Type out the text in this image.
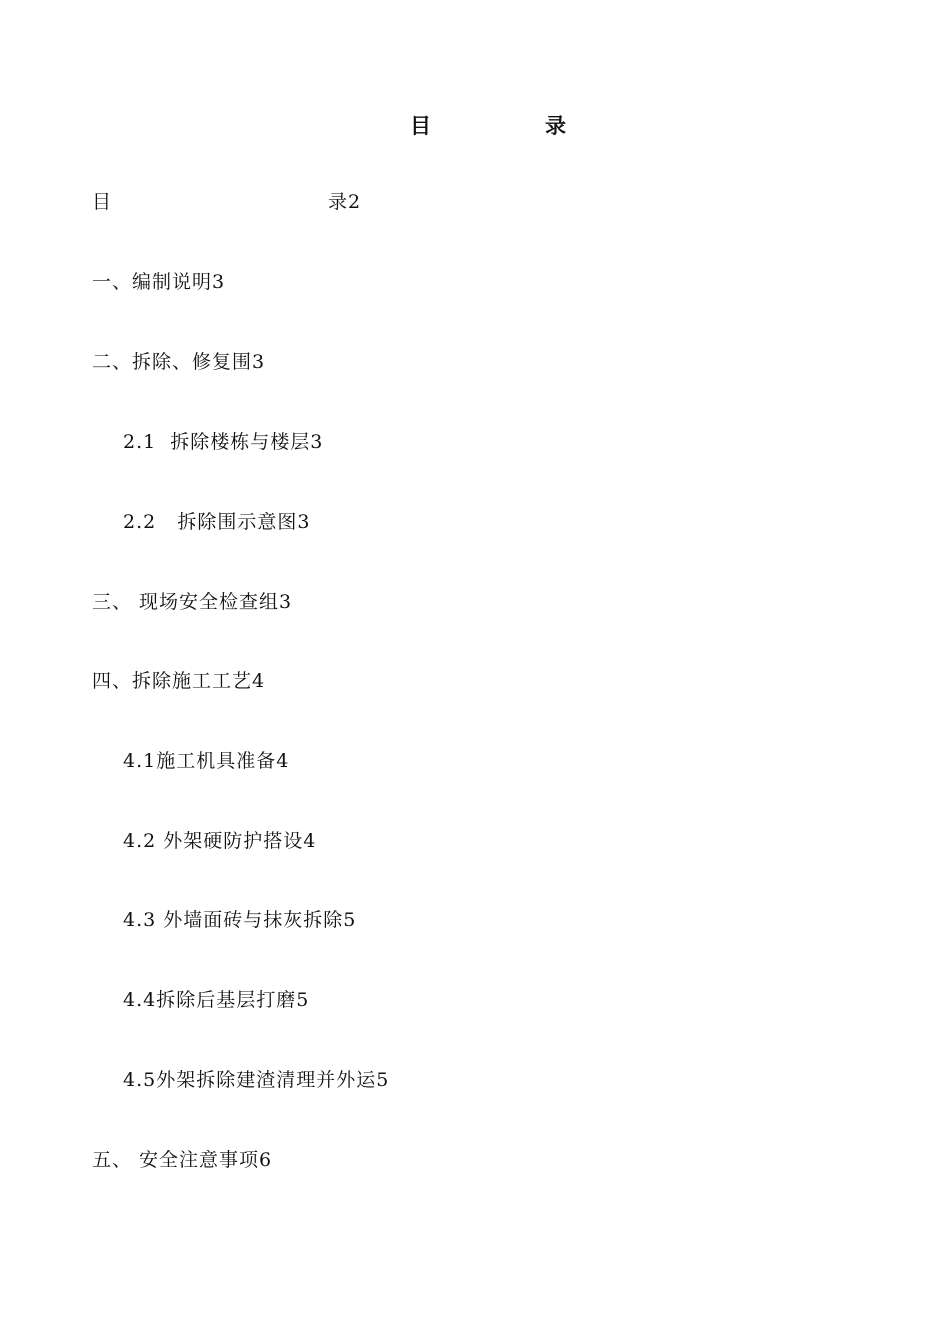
目	录

目

	录2

一、编制说明3
二、拆除、修复围3
2.1  拆除楼栋与楼层3
2.2   拆除围示意图3
三、 现场安全检查组3
四、拆除施工工艺4
4.1施工机具准备4
4.2 外架硬防护搭设4
4.3 外墙面砖与抹灰拆除5
4.4拆除后基层打磨5
4.5外架拆除建渣清理并外运5
五、 安全注意事项6
